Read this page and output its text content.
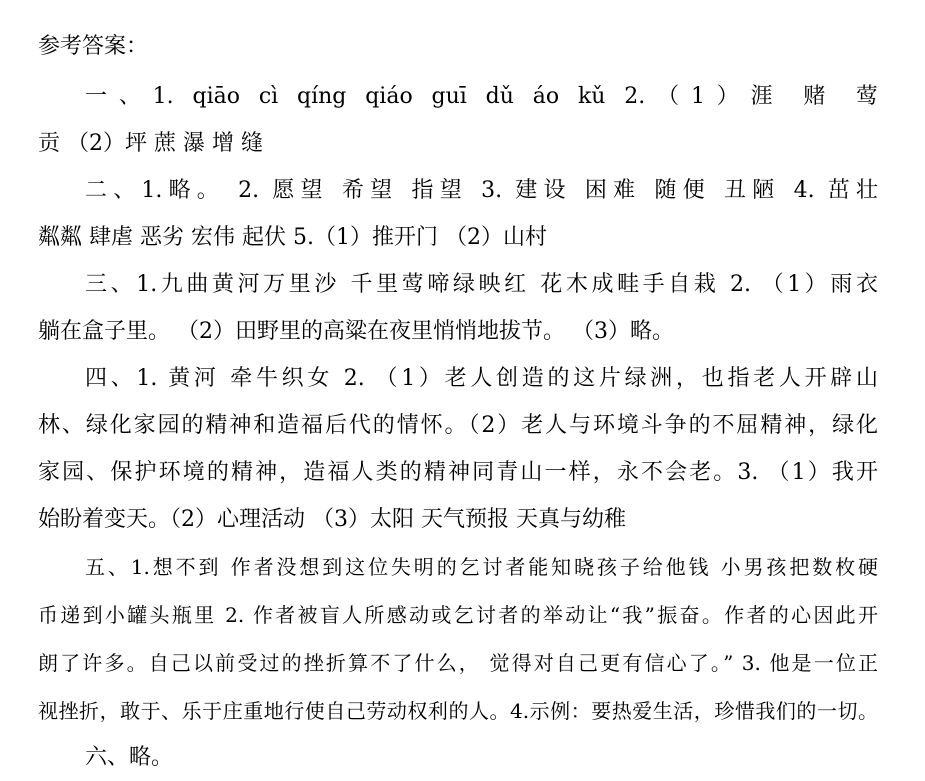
参考答案：
一、1. qiāo cì qíng qiáo guī dǔ áo kǔ 2.（1）涯 赌 莺
贡 （2）坪 蔗 瀑 增 缝
二、1.略。 2. 愿望 希望 指望 3. 建设 困难 随便 丑陋 4. 茁壮
粼粼 肆虐 恶劣 宏伟 起伏 5.（1）推开门 （2）山村
三、1.九曲黄河万里沙 千里莺啼绿映红 花木成畦手自栽 2. （1）雨衣
躺在盒子里。 （2）田野里的高粱在夜里悄悄地拔节。 （3）略。
四、1. 黄河 牵牛织女 2. （1）老人创造的这片绿洲，也指老人开辟山
林、绿化家园的精神和造福后代的情怀。（2）老人与环境斗争的不屈精神，绿化
家园、保护环境的精神，造福人类的精神同青山一样，永不会老。3. （1）我开
始盼着变天。（2）心理活动 （3）太阳 天气预报 天真与幼稚
五、1.想不到 作者没想到这位失明的乞讨者能知晓孩子给他钱 小男孩把数枚硬
币递到小罐头瓶里 2. 作者被盲人所感动或乞讨者的举动让“我”振奋。作者的心因此开
朗了许多。自己以前受过的挫折算不了什么， 觉得对自己更有信心了。” 3. 他是一位正
视挫折，敢于、乐于庄重地行使自己劳动权利的人。4.示例：要热爱生活，珍惜我们的一切。
六、略。
